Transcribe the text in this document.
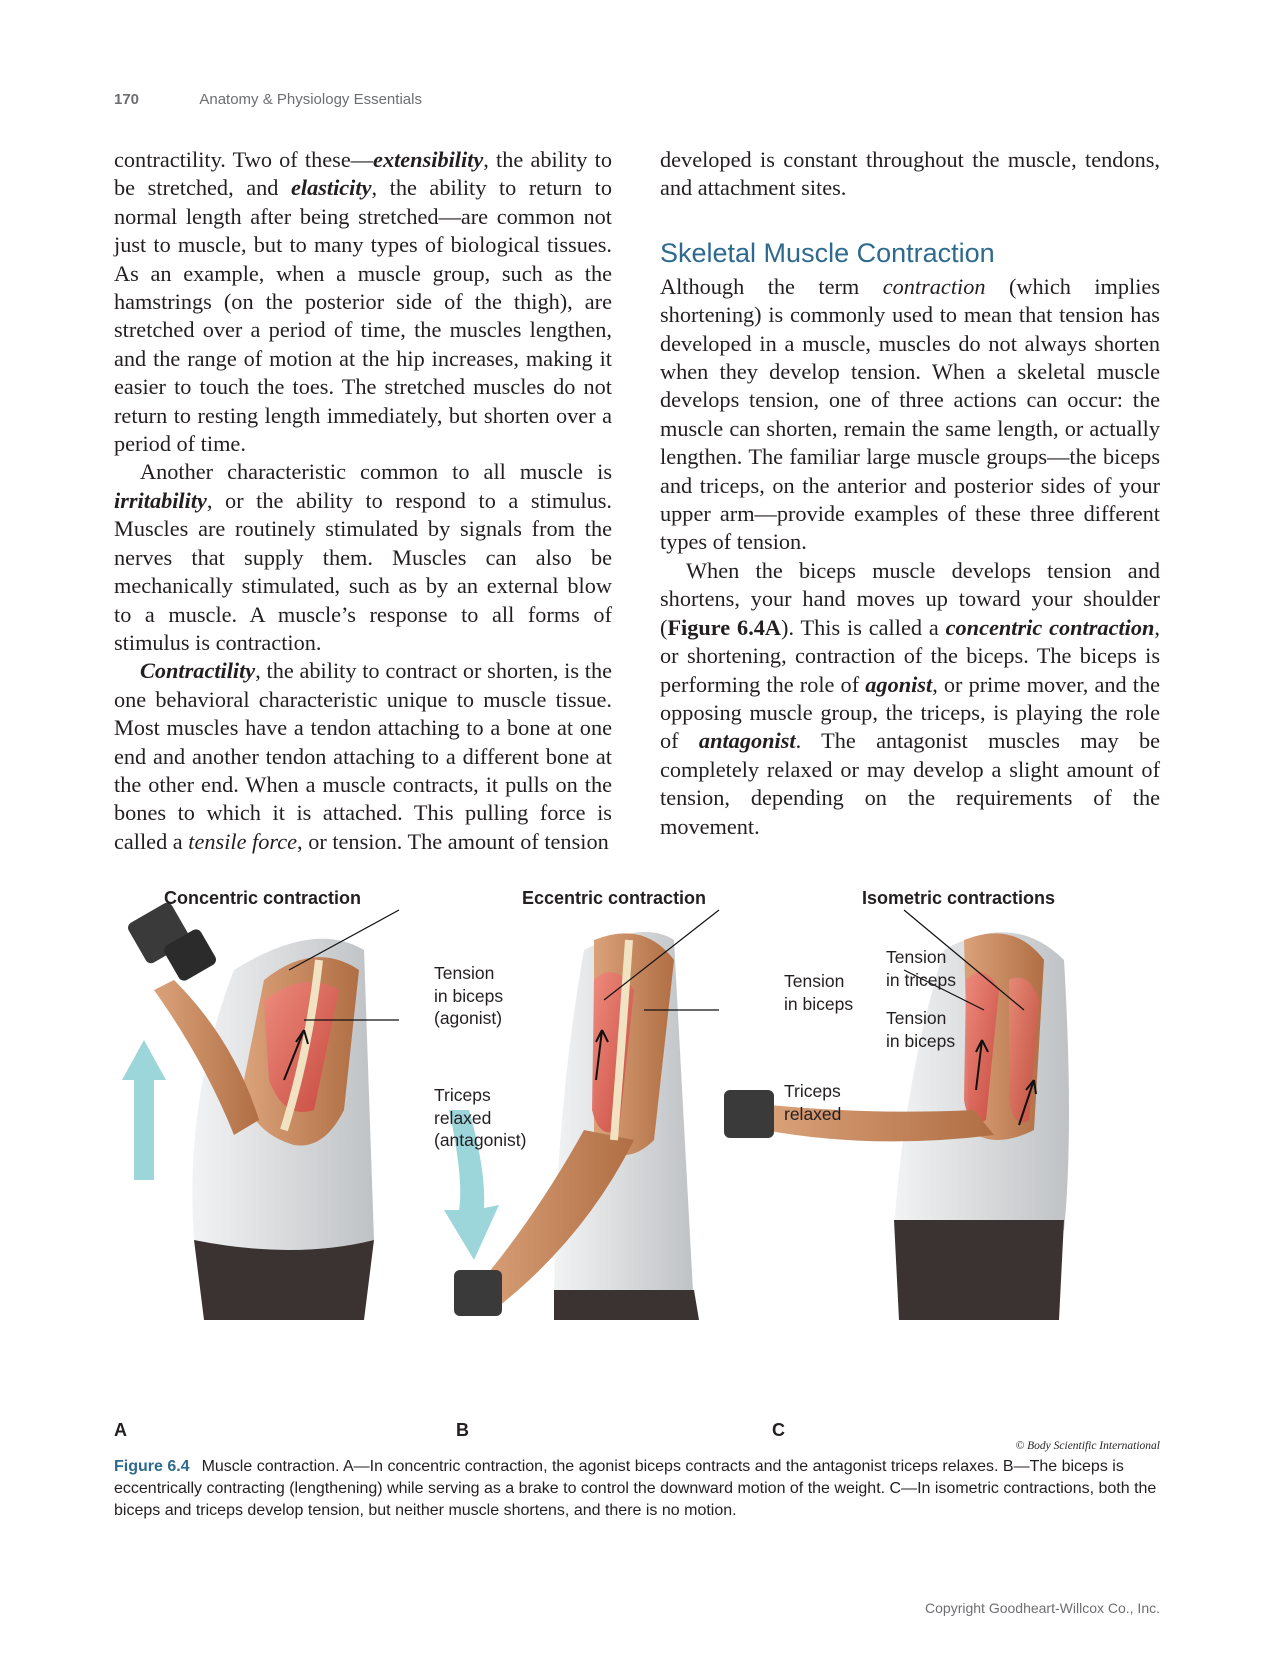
170	Anatomy & Physiology Essentials

contractility. Two of these—extensibility, the ability to be stretched, and elasticity, the ability to return to normal length after being stretched—are common not just to muscle, but to many types of biological tissues. As an example, when a muscle group, such as the hamstrings (on the posterior side of the thigh), are stretched over a period of time, the muscles lengthen, and the range of motion at the hip increases, making it easier to touch the toes. The stretched muscles do not return to resting length immediately, but shorten over a period of time.

Another characteristic common to all muscle is irritability, or the ability to respond to a stimulus. Muscles are routinely stimulated by signals from the nerves that supply them. Muscles can also be mechanically stimulated, such as by an external blow to a muscle. A muscle’s response to all forms of stimulus is contraction.

Contractility, the ability to contract or shorten, is the one behavioral characteristic unique to muscle tissue. Most muscles have a tendon attaching to a bone at one end and another tendon attaching to a different bone at the other end. When a muscle contracts, it pulls on the bones to which it is attached. This pulling force is called a tensile force, or tension. The amount of tension

developed is constant throughout the muscle, tendons, and attachment sites.

Skeletal Muscle Contraction

Although the term contraction (which implies shortening) is commonly used to mean that tension has developed in a muscle, muscles do not always shorten when they develop tension. When a skeletal muscle develops tension, one of three actions can occur: the muscle can shorten, remain the same length, or actually lengthen. The familiar large muscle groups—the biceps and triceps, on the anterior and posterior sides of your upper arm—provide examples of these three different types of tension.

When the biceps muscle develops tension and shortens, your hand moves up toward your shoulder (Figure 6.4A). This is called a concentric contraction, or shortening, contraction of the biceps. The biceps is performing the role of agonist, or prime mover, and the opposing muscle group, the triceps, is playing the role of antagonist. The antagonist muscles may be completely relaxed or may develop a slight amount of tension, depending on the requirements of the movement.

Concentric contraction	Eccentric contraction	Isometric contractions
Tension
in biceps
(agonist)
Triceps
relaxed
(antagonist)
Tension
in biceps
Triceps
relaxed
Tension
in triceps
Tension
in biceps
A	B	C
© Body Scientific International
Figure 6.4 Muscle contraction. A—In concentric contraction, the agonist biceps contracts and the antagonist triceps relaxes. B—The biceps is eccentrically contracting (lengthening) while serving as a brake to control the downward motion of the weight. C—In isometric contractions, both the biceps and triceps develop tension, but neither muscle shortens, and there is no motion.
Copyright Goodheart-Willcox Co., Inc.
